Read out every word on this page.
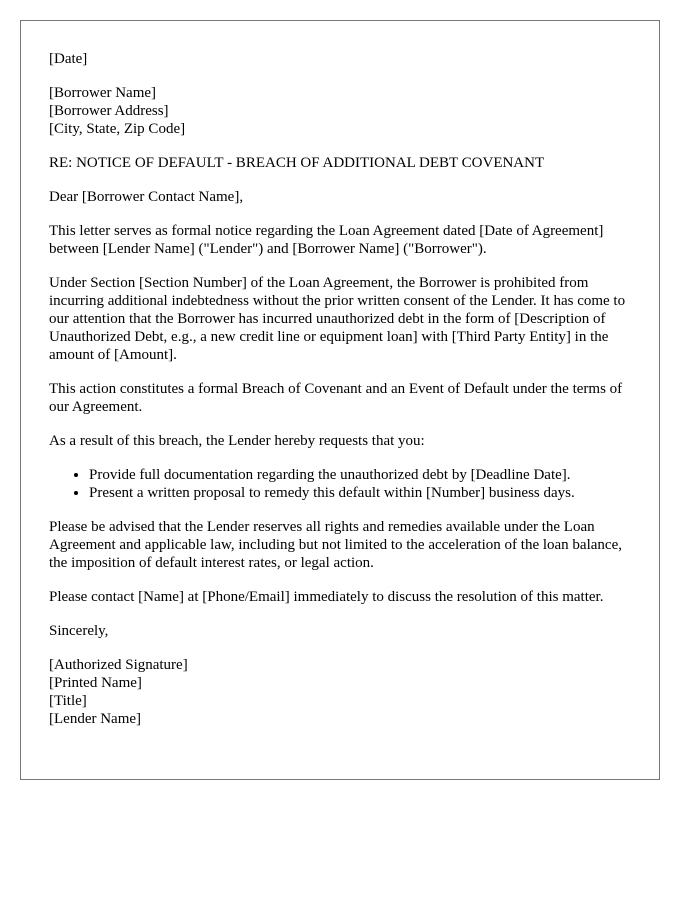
[Date]

[Borrower Name]
[Borrower Address]
[City, State, Zip Code]

RE: NOTICE OF DEFAULT - BREACH OF ADDITIONAL DEBT COVENANT

Dear [Borrower Contact Name],

This letter serves as formal notice regarding the Loan Agreement dated [Date of Agreement] between [Lender Name] ("Lender") and [Borrower Name] ("Borrower").

Under Section [Section Number] of the Loan Agreement, the Borrower is prohibited from incurring additional indebtedness without the prior written consent of the Lender. It has come to our attention that the Borrower has incurred unauthorized debt in the form of [Description of Unauthorized Debt, e.g., a new credit line or equipment loan] with [Third Party Entity] in the amount of [Amount].

This action constitutes a formal Breach of Covenant and an Event of Default under the terms of our Agreement.

As a result of this breach, the Lender hereby requests that you:

• Provide full documentation regarding the unauthorized debt by [Deadline Date].
• Present a written proposal to remedy this default within [Number] business days.

Please be advised that the Lender reserves all rights and remedies available under the Loan Agreement and applicable law, including but not limited to the acceleration of the loan balance, the imposition of default interest rates, or legal action.

Please contact [Name] at [Phone/Email] immediately to discuss the resolution of this matter.

Sincerely,

[Authorized Signature]
[Printed Name]
[Title]
[Lender Name]
